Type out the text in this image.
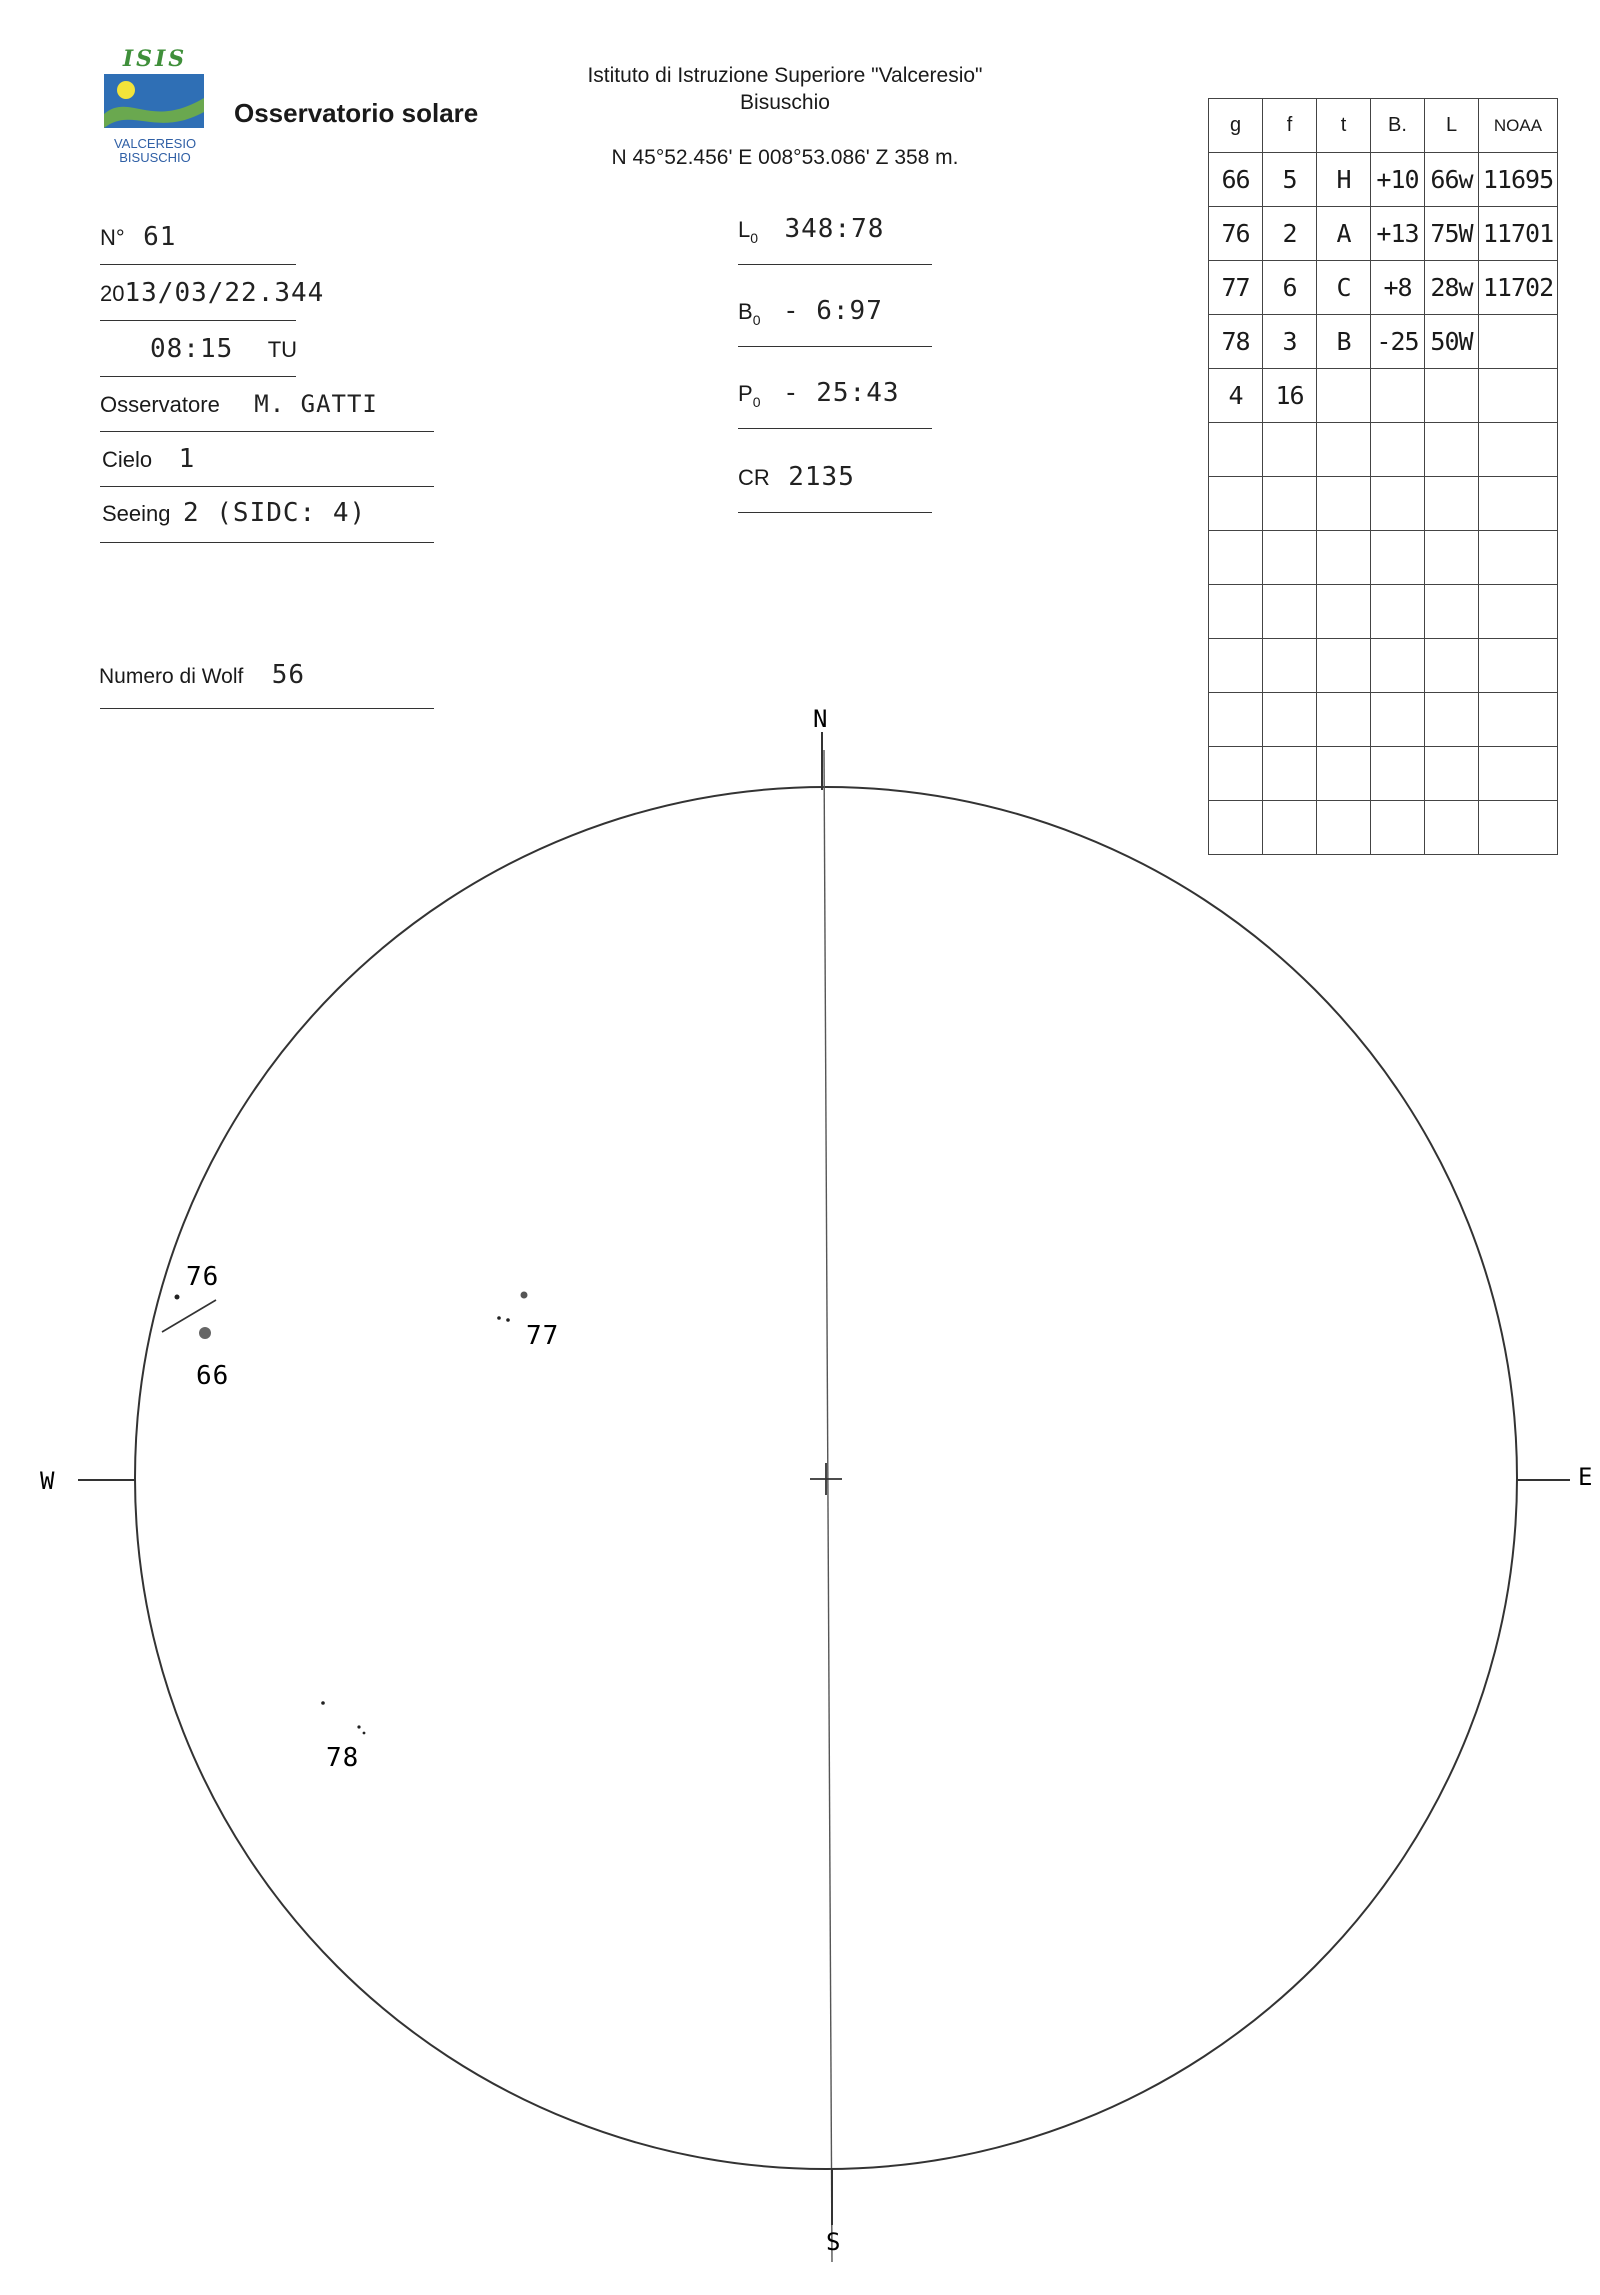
ISIS
VALCERESIO
BISUSCHIO
Osservatorio solare
Istituto di Istruzione Superiore "Valceresio"
Bisuschio
N 45°52.456' E 008°53.086' Z 358 m.
N° 61
2013/03/22.344
08:15 TU
Osservatore M. GATTI
Cielo 1
Seeing 2 (SIDC: 4)
Numero di Wolf 56
$L_0$ 348:78
$B_0$ - 6:97
$P_0$ - 25:43
CR 2135
g	f	t	B.	L	NOAA
66	5	H	+10	66w	11695
76	2	A	+13	75W	11701
77	6	C	+8	28w	11702
78	3	B	-25	50W	
4	16				

N
S
W	E
76
66
77
78
